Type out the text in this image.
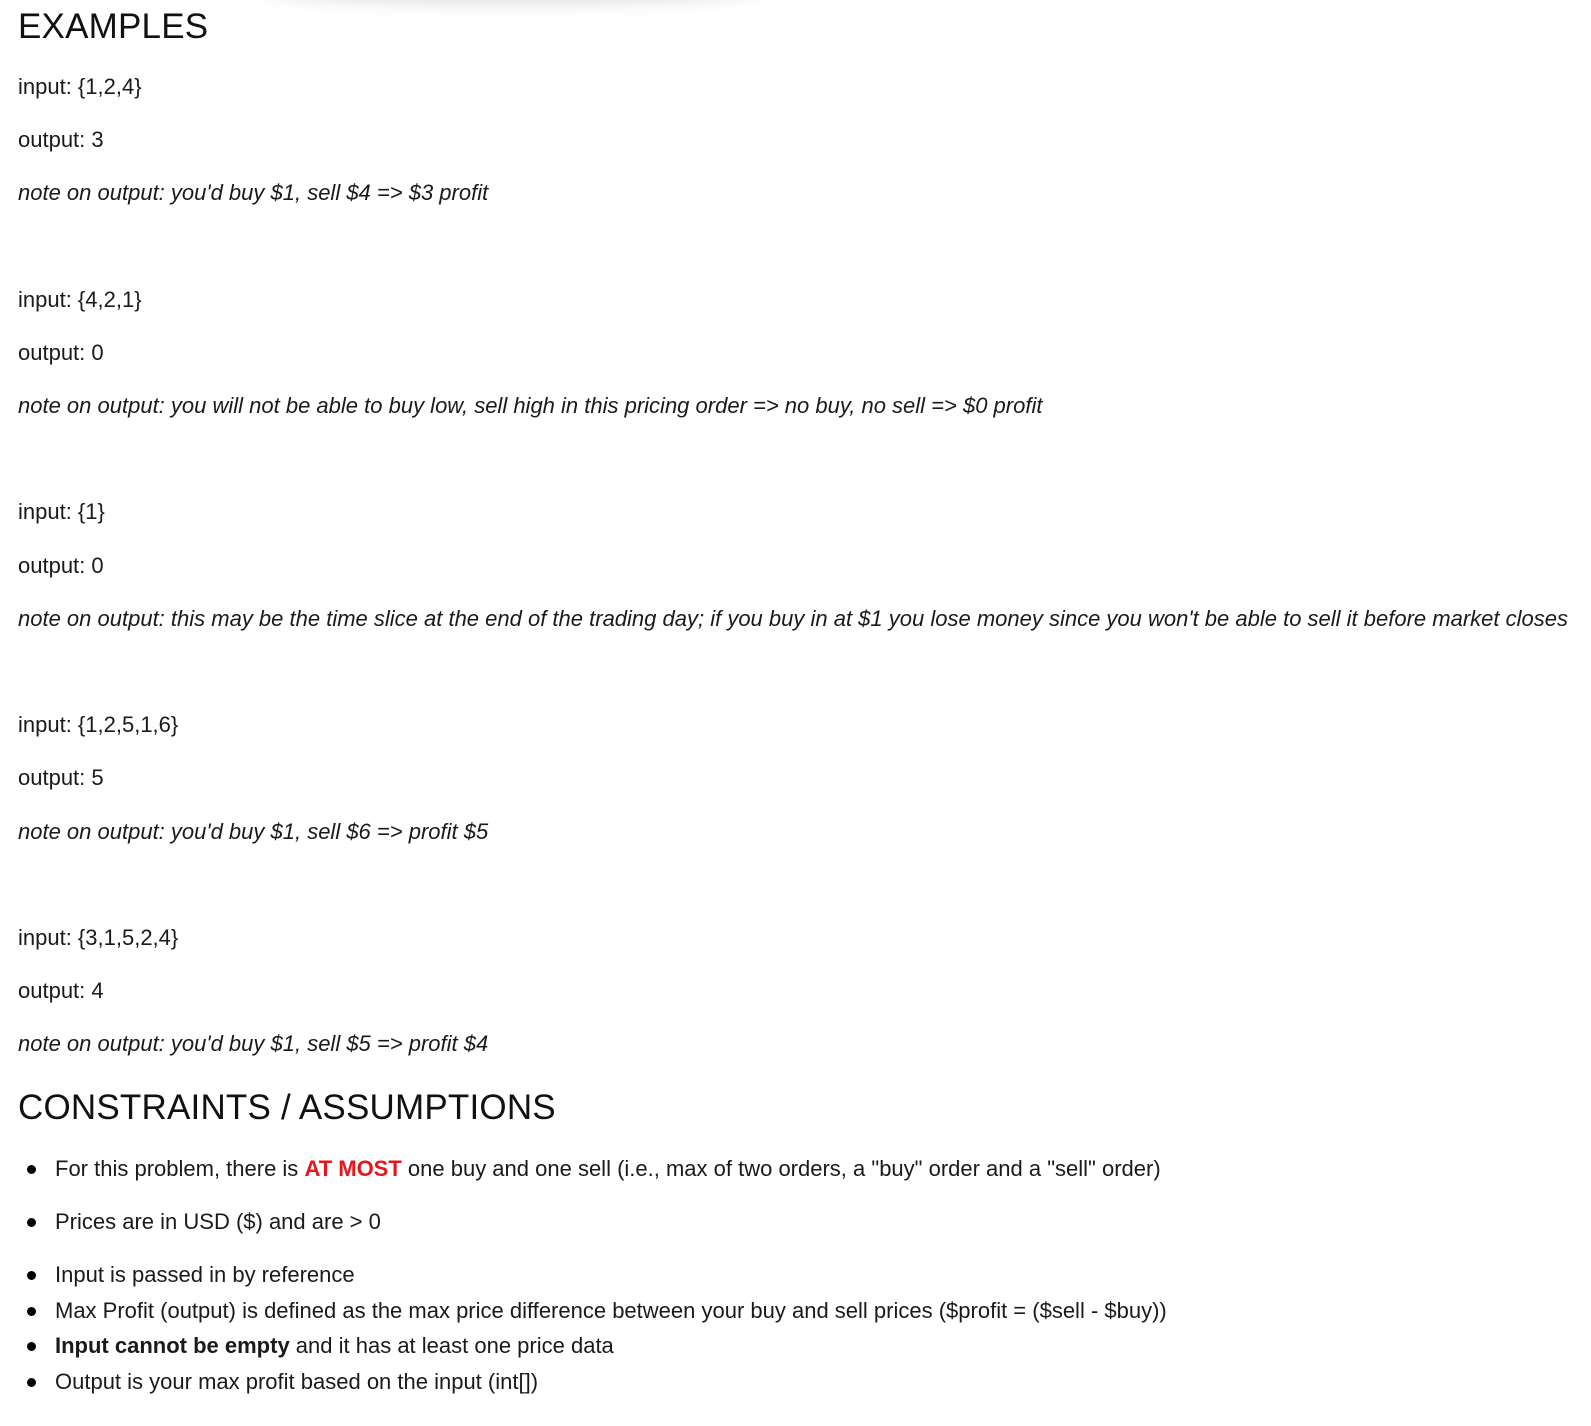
EXAMPLES
input: {1,2,4}
output: 3
note on output: you'd buy $1, sell $4 => $3 profit
input: {4,2,1}
output: 0
note on output: you will not be able to buy low, sell high in this pricing order => no buy, no sell => $0 profit
input: {1}
output: 0
note on output: this may be the time slice at the end of the trading day; if you buy in at $1 you lose money since you won't be able to sell it before market closes
input: {1,2,5,1,6}
output: 5
note on output: you'd buy $1, sell $6 => profit $5
input: {3,1,5,2,4}
output: 4
note on output: you'd buy $1, sell $5 => profit $4
CONSTRAINTS / ASSUMPTIONS
For this problem, there is AT MOST one buy and one sell (i.e., max of two orders, a "buy" order and a "sell" order)
Prices are in USD ($) and are > 0
Input is passed in by reference
Max Profit (output) is defined as the max price difference between your buy and sell prices ($profit = ($sell - $buy))
Input cannot be empty and it has at least one price data
Output is your max profit based on the input (int[])
